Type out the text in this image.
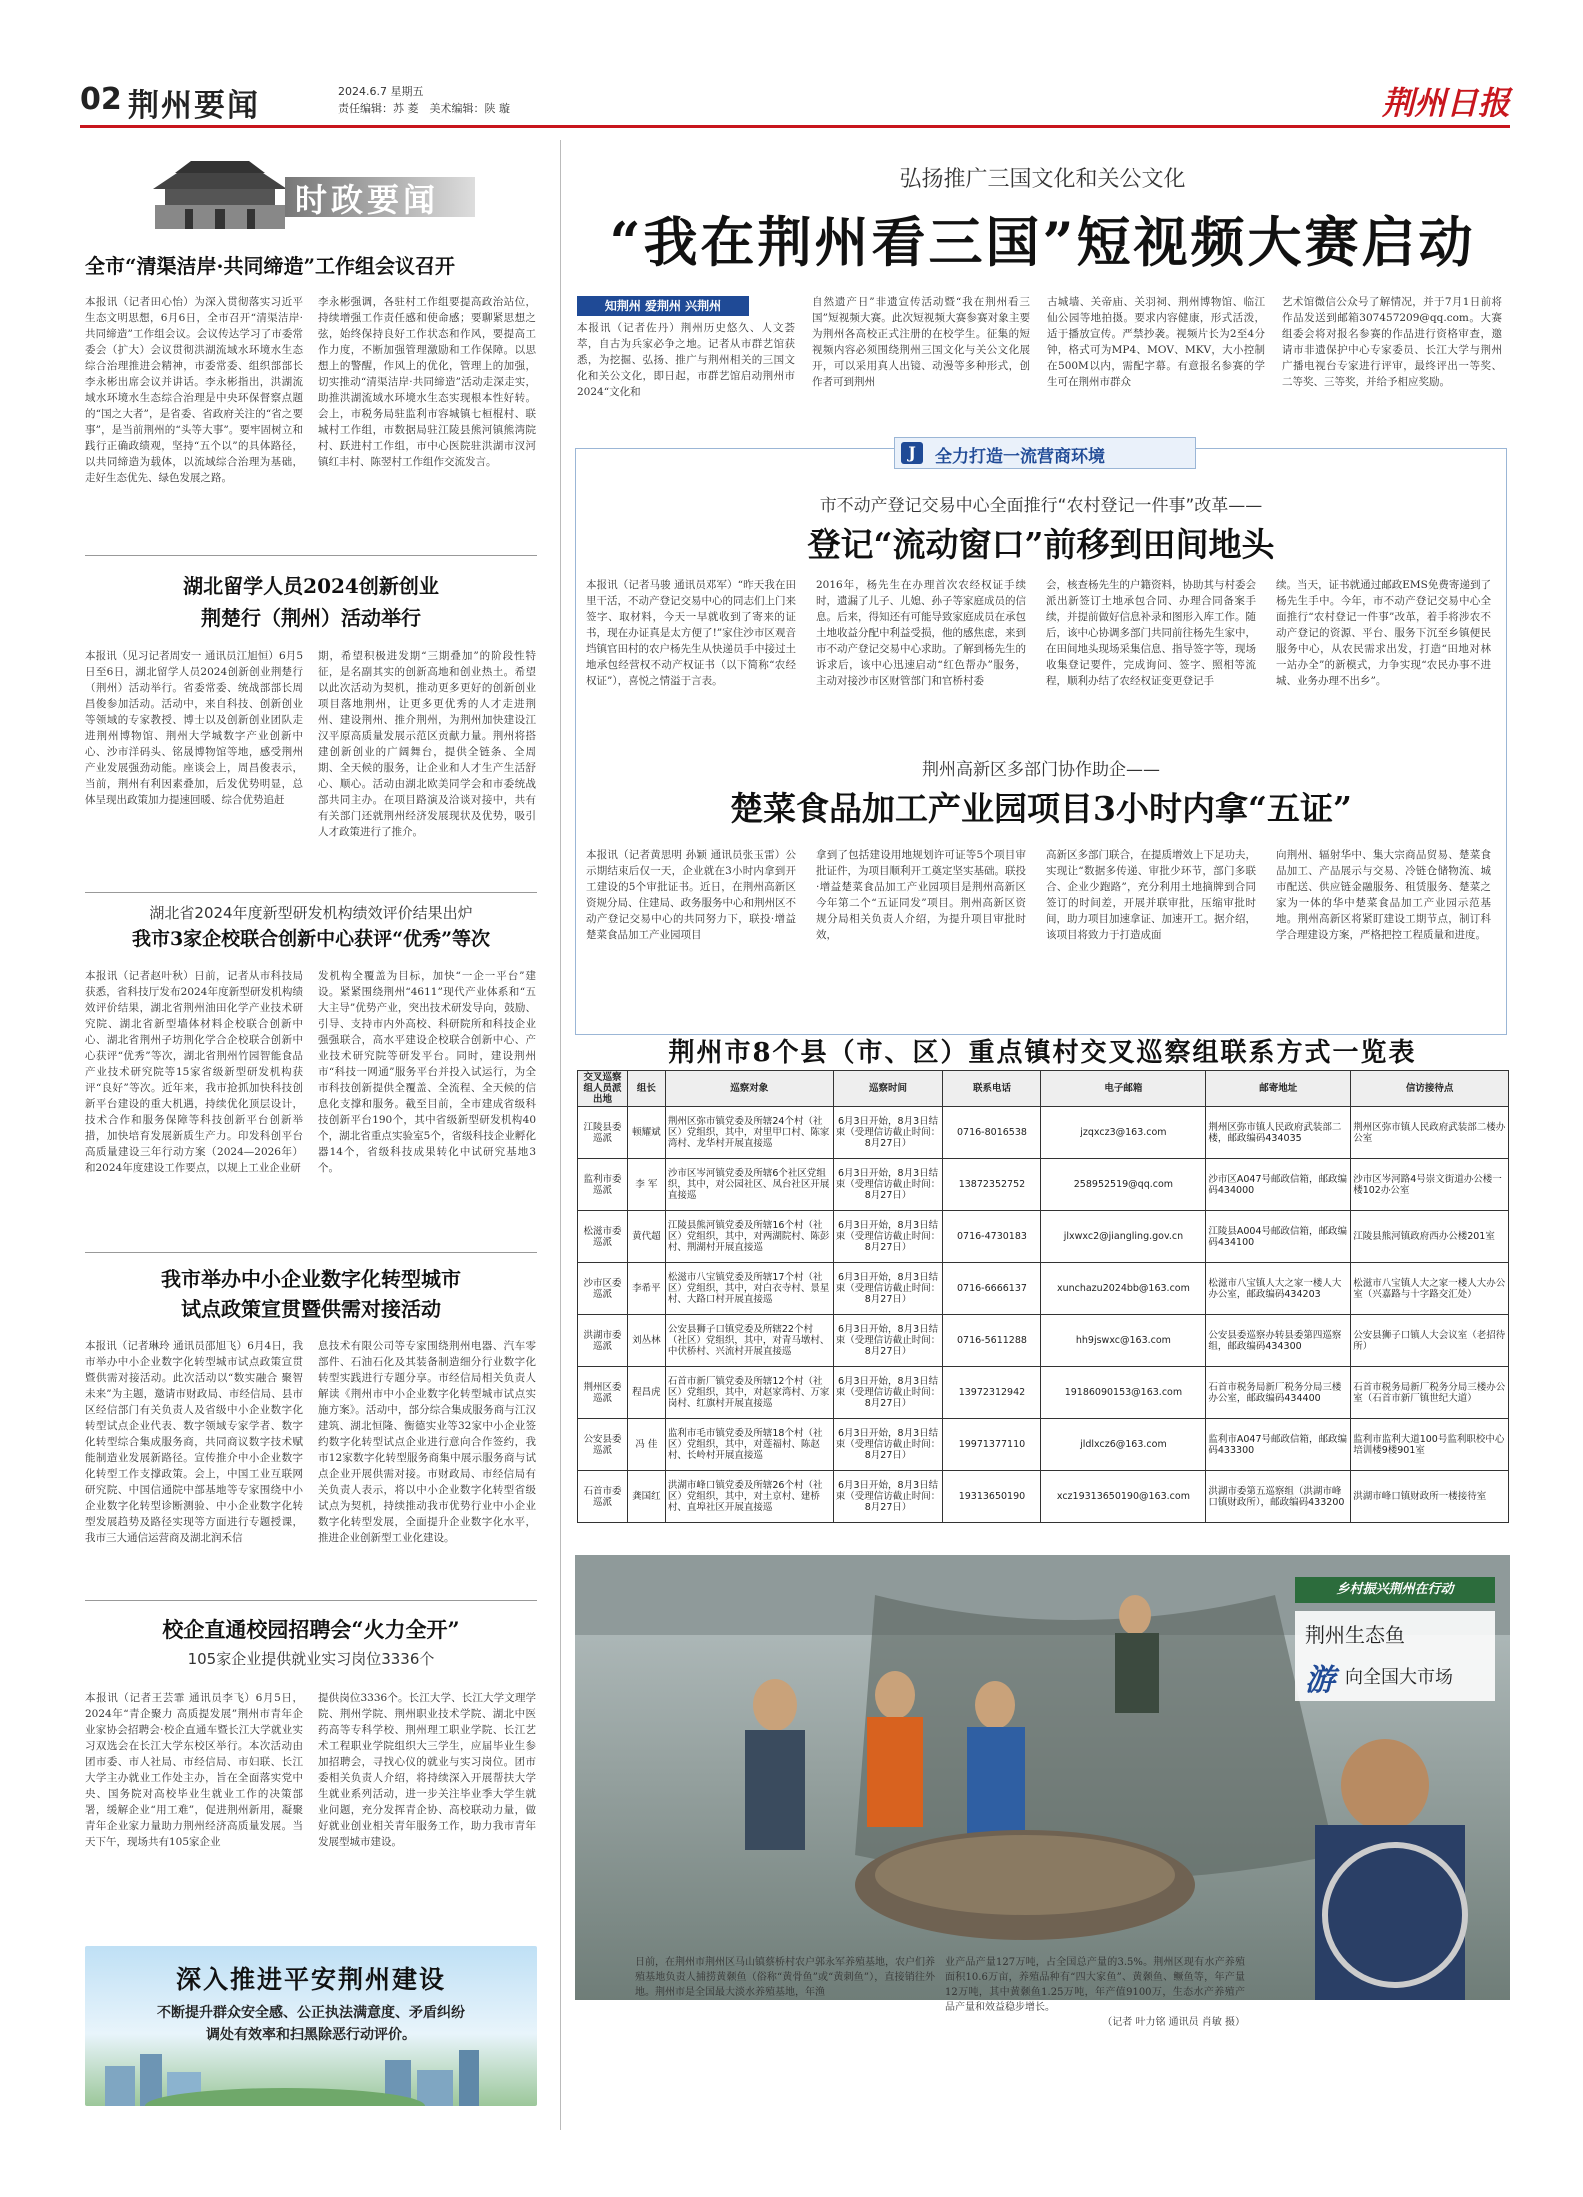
02 荆州要闻	2024.6.7 星期五
责任编辑：苏 菱　美术编辑：陕 璇	荆州日报
时政要闻
全市“清渠洁岸·共同缔造”工作组会议召开
本报讯（记者田心怡）为深入贯彻落实习近平生态文明思想，6月6日，全市召开“清渠洁岸·共同缔造”工作组会议。会议传达学习了市委常委会（扩大）会议贯彻洪湖流域水环境水生态综合治理推进会精神，市委常委、组织部部长李永彬出席会议并讲话。李永彬指出，洪湖流域水环境水生态综合治理是中央环保督察点题的“国之大者”，是省委、省政府关注的“省之要事”，是当前荆州的“头等大事”。要牢固树立和践行正确政绩观，坚持“五个以”的具体路径，以共同缔造为载体，以流域综合治理为基础，走好生态优先、绿色发展之路。
李永彬强调，各驻村工作组要提高政治站位，持续增强工作责任感和使命感；要聊紧思想之弦，始终保持良好工作状态和作风，要提高工作力度，不断加强管理激励和工作保障。以思想上的警醒，作风上的优化，管理上的加强，切实推动“清渠洁岸·共同缔造”活动走深走实，助推洪湖流域水环境水生态实现根本性好转。会上，市税务局驻监利市容城镇七桓棍村、联城村工作组，市数据局驻江陵县熊河镇熊湾院村、跃进村工作组，市中心医院驻洪湖市汊河镇红丰村、陈翌村工作组作交流发言。
湖北留学人员2024创新创业
荆楚行（荆州）活动举行
本报讯（见习记者周安一 通讯员江旭恒）6月5日至6日，湖北留学人员2024创新创业荆楚行（荆州）活动举行。省委常委、统战部部长周昌俊参加活动。活动中，来自科技、创新创业等领域的专家教授、博士以及创新创业团队走进荆州博物馆、荆州大学城数字产业创新中心、沙市洋码头、铭晟博物馆等地，感受荆州产业发展强劲动能。座谈会上，周昌俊表示，当前，荆州有利因素叠加，后发优势明显，总体呈现出政策加力提速回暖、综合优势追赶
期，希望积极进发期“三期叠加”的阶段性特征，是名副其实的创新高地和创业热土。希望以此次活动为契机，推动更多更好的创新创业项目落地荆州，让更多更优秀的人才走进荆州、建设荆州、推介荆州，为荆州加快建设江汉平原高质量发展示范区贡献力量。荆州将搭建创新创业的广阔舞台，提供全链条、全周期、全天候的服务，让企业和人才生产生活舒心、顺心。活动由湖北欧美同学会和市委统战部共同主办。在项目路演及洽谈对接中，共有有关部门还就荆州经济发展现状及优势，吸引人才政策进行了推介。
湖北省2024年度新型研发机构绩效评价结果出炉
我市3家企校联合创新中心获评“优秀”等次
本报讯（记者赵叶秋）日前，记者从市科技局获悉，省科技厅发布2024年度新型研发机构绩效评价结果，湖北省荆州油田化学产业技术研究院、湖北省新型墙体材料企校联合创新中心、湖北省荆州子坊荆化学合企校联合创新中心获评“优秀”等次，湖北省荆州竹园智能食品产业技术研究院等15家省级新型研发机构获评“良好”等次。近年来，我市抢抓加快科技创新平台建设的重大机遇，持续优化顶层设计，技术合作和服务保障等科技创新平台创新举措，加快培育发展新质生产力。印发科创平台高质量建设三年行动方案（2024—2026年）和2024年度建设工作要点，以规上工业企业研
发机构全覆盖为目标，加快“一企一平台”建设。紧紧围绕荆州“4611”现代产业体系和“五大主导”优势产业，突出技术研发导向，鼓励、引导、支持市内外高校、科研院所和科技企业强强联合，高水平建设企校联合创新中心、产业技术研究院等研发平台。同时，建设荆州市“科技一网通”服务平台并投入试运行，为全市科技创新提供全覆盖、全流程、全天候的信息化支撑和服务。截至目前，全市建成省级科技创新平台190个，其中省级新型研发机构40个，湖北省重点实验室5个，省级科技企业孵化器14个，省级科技成果转化中试研究基地3个。
我市举办中小企业数字化转型城市
试点政策宣贯暨供需对接活动
本报讯（记者琳玲 通讯员邵旭飞）6月4日，我市举办中小企业数字化转型城市试点政策宣贯暨供需对接活动。此次活动以“数实融合 聚智未来”为主题，邀请市财政局、市经信局、县市区经信部门有关负责人及省级中小企业数字化转型试点企业代表、数字领域专家学者、数字化转型综合集成服务商，共同商议数字技术赋能制造业发展新路径。宣传推介中小企业数字化转型工作支撑政策。会上，中国工业互联网研究院、中国信通院中部基地等专家围绕中小企业数字化转型诊断测验、中小企业数字化转型发展趋势及路径实现等方面进行专题授课，我市三大通信运营商及湖北润禾信
息技术有限公司等专家围绕荆州电器、汽车零部件、石油石化及其装备制造细分行业数字化转型实践进行专题分享。市经信局相关负责人解读《荆州市中小企业数字化转型城市试点实施方案》。活动中，部分综合集成服务商与江汉建筑、湖北恒隆、衡德实业等32家中小企业签约数字化转型试点企业进行意向合作签约，我市12家数字化转型服务商集中展示服务商与试点企业开展供需对接。市财政局、市经信局有关负责人表示，将以中小企业数字化转型省级试点为契机，持续推动我市优势行业中小企业数字化转型发展，全面提升企业数字化水平，推进企业创新型工业化建设。
校企直通校园招聘会“火力全开”
105家企业提供就业实习岗位3336个
本报讯（记者王芸霏 通讯员李飞）6月5日，2024年“青企聚力 高质提发展”荆州市青年企业家协会招聘会·校企直通车暨长江大学就业实习双选会在长江大学东校区举行。本次活动由团市委、市人社局、市经信局、市妇联、长江大学主办就业工作处主办，旨在全面落实党中央、国务院对高校毕业生就业工作的决策部署，缓解企业“用工难”，促进荆州新用，凝聚青年企业家力量助力荆州经济高质量发展。当天下午，现场共有105家企业
提供岗位3336个。长江大学、长江大学文理学院、荆州学院、荆州职业技术学院、湖北中医药高等专科学校、荆州理工职业学院、长江艺术工程职业学院组织大三学生，应届毕业生参加招聘会，寻找心仪的就业与实习岗位。团市委相关负责人介绍，将持续深入开展帮扶大学生就业系列活动，进一步关注毕业季大学生就业问题，充分发挥青企协、高校联动力量，做好就业创业相关青年服务工作，助力我市青年发展型城市建设。
深入推进平安荆州建设
不断提升群众安全感、公正执法满意度、矛盾纠纷
调处有效率和扫黑除恶行动评价。
弘扬推广三国文化和关公文化
“我在荆州看三国”短视频大赛启动
知荆州 爱荆州 兴荆州
本报讯（记者佐丹）荆州历史悠久、人文荟萃，自古为兵家必争之地。记者从市群艺馆获悉，为挖掘、弘扬、推广与荆州相关的三国文化和关公文化，即日起，市群艺馆启动荆州市2024“文化和
自然遗产日”非遗宣传活动暨“我在荆州看三国”短视频大赛。此次短视频大赛参赛对象主要为荆州各高校正式注册的在校学生。征集的短视频内容必须围绕荆州三国文化与关公文化展开，可以采用真人出镜、动漫等多种形式，创作者可到荆州
古城墙、关帝庙、关羽祠、荆州博物馆、临江仙公园等地拍摄。要求内容健康，形式活泼，适于播放宣传。严禁抄袭。视频片长为2至4分钟，格式可为MP4、MOV、MKV，大小控制在500M以内，需配字幕。有意报名参赛的学生可在荆州市群众
艺术馆微信公众号了解情况，并于7月1日前将作品发送到邮箱307457209@qq.com。大赛组委会将对报名参赛的作品进行资格审查，邀请市非遗保护中心专家委员、长江大学与荆州广播电视台专家进行评审，最终评出一等奖、二等奖、三等奖，并给予相应奖励。
J	全力打造一流营商环境
市不动产登记交易中心全面推行“农村登记一件事”改革——
登记“流动窗口”前移到田间地头
本报讯（记者马骏 通讯员邓军）“昨天我在田里干活，不动产登记交易中心的同志们上门来签字、取材料，今天一早就收到了寄来的证书，现在办证真是太方便了!”家住沙市区观音垱镇官田村的农户杨先生从快递员手中接过土地承包经营权不动产权证书（以下简称“农经权证”），喜悦之情溢于言表。
2016年，杨先生在办理首次农经权证手续时，遗漏了儿子、儿媳、孙子等家庭成员的信息。后来，得知还有可能导致家庭成员在承包土地收益分配中利益受损，他的感焦虑，来到市不动产登记交易中心求助。了解到杨先生的诉求后，该中心迅速启动“红色帮办”服务，主动对接沙市区财管部门和官桥村委
会，核查杨先生的户籍资料，协助其与村委会派出新签订土地承包合同、办理合同备案手续，并提前做好信息补录和图形入库工作。随后，该中心协调多部门共同前往杨先生家中，在田间地头现场采集信息、指导签字等，现场收集登记要件，完成询问、签字、照相等流程，顺利办结了农经权证变更登记手
续。当天，证书就通过邮政EMS免费寄递到了杨先生手中。今年，市不动产登记交易中心全面推行“农村登记一件事”改革，着手将涉农不动产登记的资源、平台、服务下沉至乡镇便民服务中心，从农民需求出发，打造“田地对林一站办全”的新模式，力争实现“农民办事不进城、业务办理不出乡”。
荆州高新区多部门协作助企——
楚菜食品加工产业园项目3小时内拿“五证”
本报讯（记者黄思明 孙颖 通讯员张玉雷）公示期结束后仅一天，企业就在3小时内拿到开工建设的5个审批证书。近日，在荆州高新区资规分局、住建局、政务服务中心和荆州区不动产登记交易中心的共同努力下，联投·增益楚菜食品加工产业园项目
拿到了包括建设用地规划许可证等5个项目审批证件，为项目顺利开工奠定坚实基础。联投·增益楚菜食品加工产业园项目是荆州高新区今年第二个“五证同发”项目。荆州高新区资规分局相关负责人介绍，为提升项目审批时效，
高新区多部门联合，在提质增效上下足功夫，实现让“数据多传递、审批少环节，部门多联合、企业少跑路”，充分利用土地摘牌到合同签订的时间差，开展并联审批，压缩审批时间，助力项目加速拿证、加速开工。据介绍，该项目将致力于打造成面
向荆州、辐射华中、集大宗商品贸易、楚菜食品加工、产品展示与交易、冷链仓储物流、城市配送、供应链金融服务、租赁服务、楚菜之家为一体的华中楚菜食品加工产业园示范基地。荆州高新区将紧盯建设工期节点，制订科学合理建设方案，严格把控工程质量和进度。
荆州市8个县（市、区）重点镇村交叉巡察组联系方式一览表
交叉巡察组人员派出地	组长	巡察对象	巡察时间	联系电话	电子邮箱	邮寄地址	信访接待点
江陵县委巡派	顿耀斌	荆州区弥市镇党委及所辖24个村（社区）党组织，其中，对里甲口村、陈家湾村、龙华村开展直接巡	6月3日开始，8月3日结束（受理信访截止时间：8月27日）	0716-8016538	jzqxcz3@163.com	荆州区弥市镇人民政府武装部二楼，邮政编码434035	荆州区弥市镇人民政府武装部二楼办公室
监利市委巡派	李 军	沙市区岑河镇党委及所辖6个社区党组织，其中，对公园社区、凤台社区开展直接巡	6月3日开始，8月3日结束（受理信访截止时间：8月27日）	13872352752	258952519@qq.com	沙市区A047号邮政信箱，邮政编码434000	沙市区岑河路4号崇文街道办公楼一楼102办公室
松滋市委巡派	黄代超	江陵县熊河镇党委及所辖16个村（社区）党组织，其中，对两湖院村、陈彭村、荆湖村开展直接巡	6月3日开始，8月3日结束（受理信访截止时间：8月27日）	0716-4730183	jlxwxc2@jiangling.gov.cn	江陵县A004号邮政信箱，邮政编码434100	江陵县熊河镇政府西办公楼201室
沙市区委巡派	李希平	松滋市八宝镇党委及所辖17个村（社区）党组织，其中，对白衣寺村、景星村、大路口村开展直接巡	6月3日开始，8月3日结束（受理信访截止时间：8月27日）	0716-6666137	xunchazu2024bb@163.com	松滋市八宝镇人大之家一楼人大办公室，邮政编码434203	松滋市八宝镇人大之家一楼人大办公室（兴嘉路与十字路交汇处）
洪湖市委巡派	刘丛林	公安县狮子口镇党委及所辖22个村（社区）党组织，其中，对青马墩村、中伏桥村、兴流村开展直接巡	6月3日开始，8月3日结束（受理信访截止时间：8月27日）	0716-5611288	hh9jswxc@163.com	公安县委巡察办转县委第四巡察组，邮政编码434300	公安县狮子口镇人大会议室（老招待所）
荆州区委巡派	程昌虎	石首市新厂镇党委及所辖12个村（社区）党组织，其中，对赵家湾村、万家岗村、红旗村开展直接巡	6月3日开始，8月3日结束（受理信访截止时间：8月27日）	13972312942	19186090153@163.com	石首市税务局新厂税务分局三楼办公室，邮政编码434400	石首市税务局新厂税务分局三楼办公室（石首市新厂镇世纪大道）
公安县委巡派	冯 佳	监利市毛市镇党委及所辖18个村（社区）党组织，其中，对莲福村、陈赵村、长岭村开展直接巡	6月3日开始，8月3日结束（受理信访截止时间：8月27日）	19971377110	jldlxcz6@163.com	监利市A047号邮政信箱，邮政编码433300	监利市监利大道100号监利职校中心培训楼9楼901室
石首市委巡派	龚国红	洪湖市峰口镇党委及所辖26个村（社区）党组织，其中，对土京村、建桥村、直埠社区开展直接巡	6月3日开始，8月3日结束（受理信访截止时间：8月27日）	19313650190	xcz19313650190@163.com	洪湖市委第五巡察组（洪湖市峰口镇财政所），邮政编码433200	洪湖市峰口镇财政所一楼接待室
乡村振兴荆州在行动
荆州生态鱼
游 向全国大市场
日前，在荆州市荆州区马山镇蔡桥村农户郭永军养殖基地，农户们养殖基地负责人捕捞黄颡鱼（俗称“黄骨鱼”或“黄刺鱼”），直接销往外地。荆州市是全国最大淡水养殖基地，年渔
业产品产量127万吨，占全国总产量的3.5%。荆州区现有水产养殖面积10.6万亩，养殖品种有“四大家鱼”、黄颡鱼、鳜鱼等，年产量12万吨，其中黄颡鱼1.25万吨，年产值9100万，生态水产养殖产品产量和效益稳步增长。
（记者 叶力铭 通讯员 肖敏 摄）
